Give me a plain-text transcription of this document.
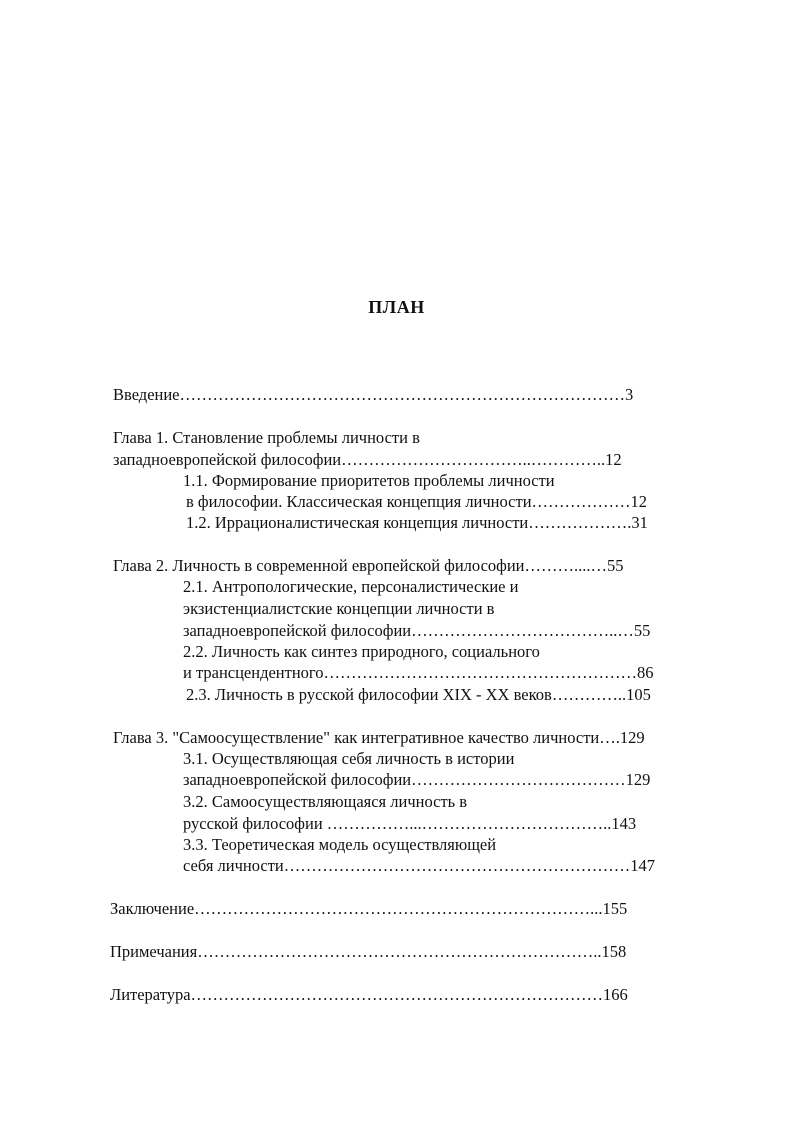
ПЛАН
Введение………………………………………………………………………3
Глава 1. Становление проблемы личности в
западноевропейской философии……………………………..…………..12
1.1. Формирование приоритетов проблемы личности
в философии. Классическая концепция личности………………12
1.2. Иррационалистическая концепция личности……………….31
Глава 2. Личность в современной европейской философии………....…55
2.1. Антропологические, персоналистические и
экзистенциалистские концепции личности в
западноевропейской философии………………………………..…55
2.2. Личность как синтез природного, социального
и трансцендентного…………………………………………………86
2.3. Личность в русской философии XIX - XX веков…………..105
Глава 3. "Самоосуществление" как интегративное качество личности….129
3.1. Осуществляющая себя личность в истории
западноевропейской философии…………………………………129
3.2. Самоосуществляющаяся личность в
русской философии ……………...……………………………..143
3.3. Теоретическая модель осуществляющей
себя личности………………………………………………………147
Заключение………………………………………………………………...155
Примечания………………………………………………………………..158
Литература…………………………………………………………………166
